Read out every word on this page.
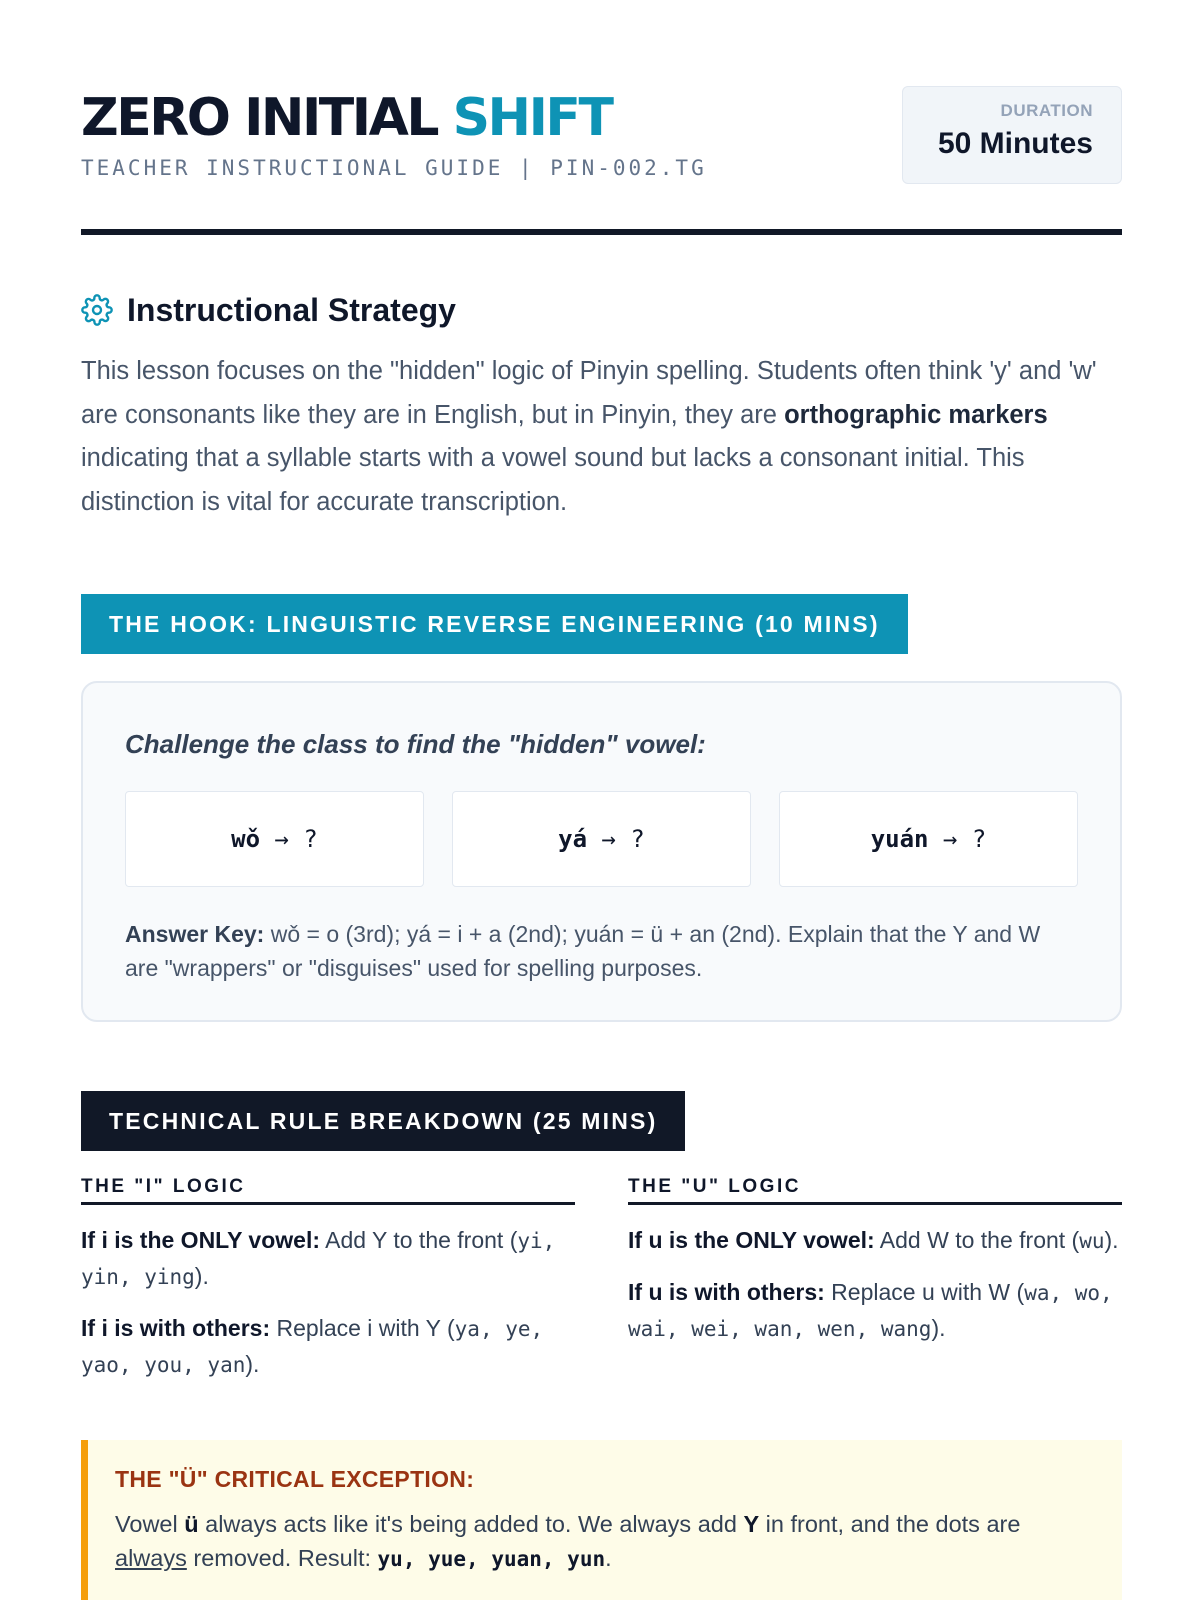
ZERO INITIAL SHIFT
TEACHER INSTRUCTIONAL GUIDE | PIN-002.TG
DURATION
50 Minutes
Instructional Strategy

This lesson focuses on the "hidden" logic of Pinyin spelling. Students often think 'y' and 'w' are consonants like they are in English, but in Pinyin, they are orthographic markers indicating that a syllable starts with a vowel sound but lacks a consonant initial. This distinction is vital for accurate transcription.

THE HOOK: LINGUISTIC REVERSE ENGINEERING (10 MINS)
Challenge the class to find the "hidden" vowel:
wǒ → ?	yá → ?	yuán → ?
Answer Key: wǒ = o (3rd); yá = i + a (2nd); yuán = ü + an (2nd). Explain that the Y and W are "wrappers" or "disguises" used for spelling purposes.
TECHNICAL RULE BREAKDOWN (25 MINS)
THE "I" LOGIC

If i is the ONLY vowel: Add Y to the front (yi, yin, ying).

If i is with others: Replace i with Y (ya, ye, yao, you, yan).

THE "U" LOGIC

If u is the ONLY vowel: Add W to the front (wu).

If u is with others: Replace u with W (wa, wo, wai, wei, wan, wen, wang).

THE "Ü" CRITICAL EXCEPTION:

Vowel ü always acts like it's being added to. We always add Y in front, and the dots are always removed. Result: yu, yue, yuan, yun.
